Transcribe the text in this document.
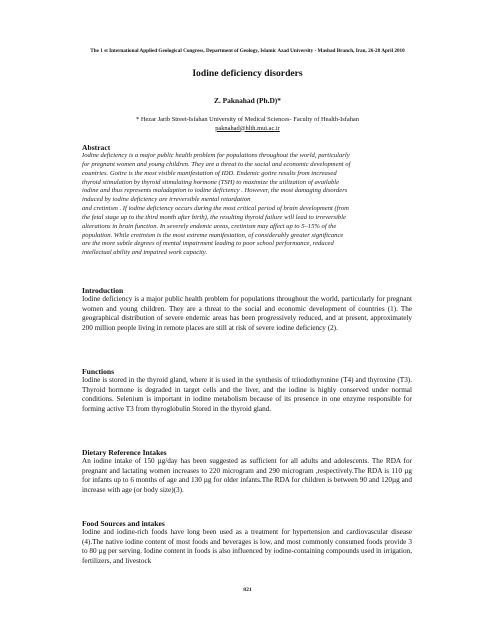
The 1 st International Applied Geological Congress, Department of Geology, Islamic Azad University - Mashad Branch, Iran, 26-28 April 2010
Iodine deficiency disorders
Z. Paknahad (Ph.D)*
* Hezar Jarib Street-Isfahan University of Medical Sciences- Faculty of Health-Isfahan
paknahad@hlth.mui.ac.ir

Abstract

Iodine deficiency is a major public health problem for populations throughout the world, particularly
for pregnant women and young children. They are a threat to the social and economic development of
countries. Goitre is the most visible manifestation of IDD. Endemic goitre results from increased
thyroid stimulation by thyroid stimulating hormone (TSH) to maximize the utilization of available
iodine and thus represents maladaption to iodine deficiency . However, the most damaging disorders
induced by iodine deficiency are irreversible mental retardation
and cretinism . If iodine deficiency occurs during the most critical period of brain development (from
the fetal stage up to the third month after birth), the resulting thyroid failure will lead to irreversible
alterations in brain function. In severely endemic areas, cretinism may affect up to 5–15% of the
population. While cretinism is the most extreme manifestation, of considerably greater significance
are the more subtle degrees of mental impairment leading to poor school performance, reduced
intellectual ability and impaired work capacity.

Introduction

Iodine deficiency is a major public health problem for populations throughout the world, particularly for pregnant women and young children. They are a threat to the social and economic development of countries (1). The geographical distribution of severe endemic areas has been progressively reduced, and at present, approximately 200 million people living in remote places are still at risk of severe iodine deficiency (2).

Functions

Iodine is stored in the thyroid gland, where it is used in the synthesis of triiodothyronine (T4) and thyroxine (T3). Thyroid hormone is degraded in target cells and the liver, and the iodine is highly conserved under normal conditions. Selenium is important in iodine metabolism because of its presence in one enzyme responsible for forming active T3 from thyroglobulin Stored in the thyroid gland.

Dietary Reference Intakes

An iodine intake of 150 µg/day has been suggested as sufficient for all adults and adolescents. The RDA for pregnant and lactating women increases to 220 microgram and 290 microgram ,respectively.The RDA is 110 µg for infants up to 6 months of age and 130 µg for older infants.The RDA for children is between 90 and 120µg and increase with age (or body size)(3).

Food Sources and intakes

Iodine and iodine-rich foods have long been used as a treatment for hypertension and cardiovascular disease (4).The native iodine content of most foods and beverages is low, and most commonly consumed foods provide 3 to 80 µg per serving. Iodine content in foods is also influenced by iodine-containing compounds used in irrigation, fertilizers, and livestock

821
